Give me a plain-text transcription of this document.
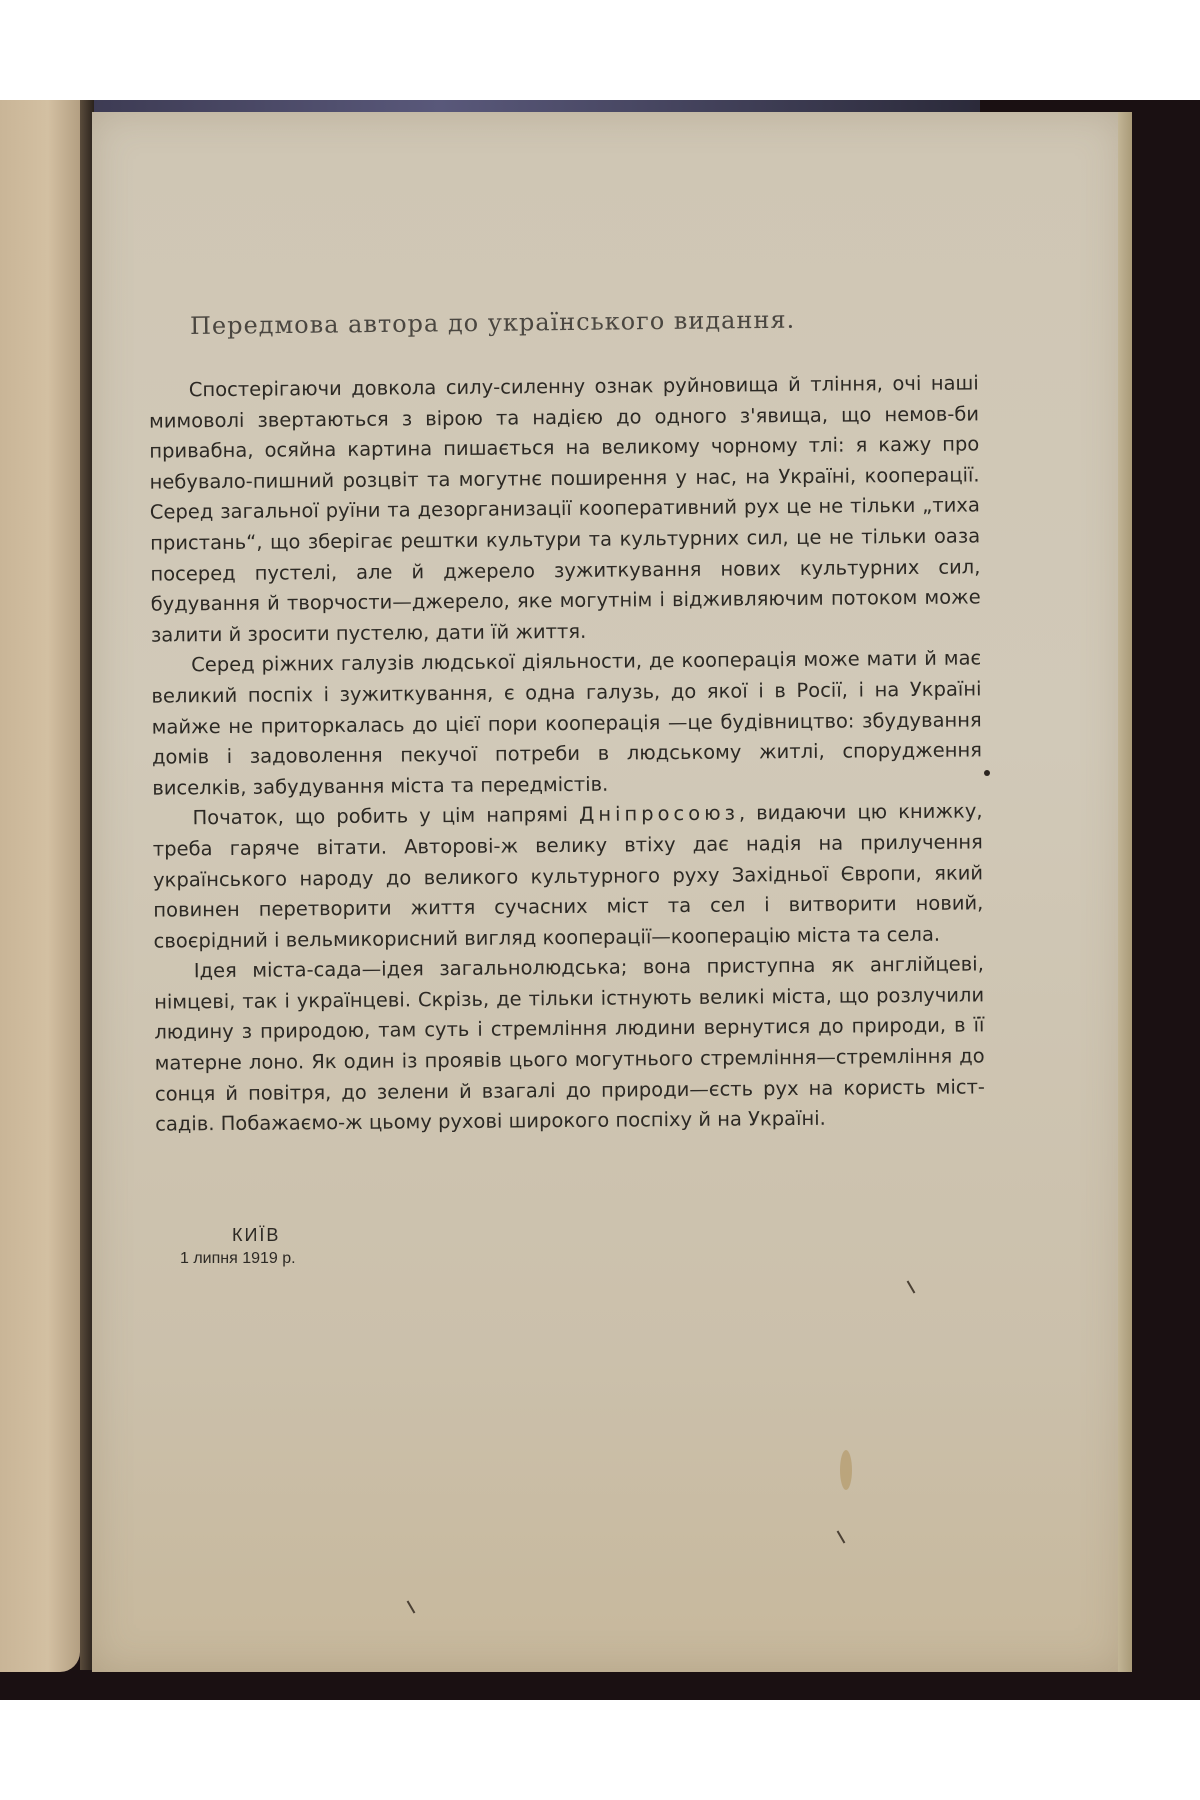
Передмова автора до українського видання.

Спостерігаючи довкола силу-силенну ознак руйновища й тління, очі наші мимоволі звертаються з вірою та надією до одного з'явища, що немов-би привабна, осяйна картина пишається на великому чорному тлі: я кажу про небувало-пишний розцвіт та могутнє поширення у нас, на Україні, кооперації. Серед загальної руїни та дезорганизації кооперативний рух це не тільки „тиха пристань“, що зберігає рештки культури та культурних сил, це не тільки оаза посеред пустелі, але й джерело зужиткування нових культурних сил, будування й творчости—джерело, яке могутнім і відживляючим потоком може залити й зросити пустелю, дати їй життя.

Серед ріжних галузів людської діяльности, де кооперація може мати й має великий поспіх і зужиткування, є одна галузь, до якої і в Росії, і на Україні майже не приторкалась до цієї пори кооперація —це будівництво: збудування домів і задоволення пекучої потреби в людському житлі, спорудження виселків, забудування міста та передмістів.

Початок, що робить у цім напрямі Дніпросоюз, видаючи цю книжку, треба гаряче вітати. Авторові-ж велику втіху дає надія на прилучення українського народу до великого культурного руху Західньої Європи, який повинен перетворити життя сучасних міст та сел і витворити новий, своєрідний і вельмикорисний вигляд кооперації—кооперацію міста та села.

Ідея міста-сада—ідея загальнолюдська; вона приступна як англійцеві, німцеві, так і українцеві. Скрізь, де тільки істнують великі міста, що розлучили людину з природою, там суть і стремління людини вернутися до природи, в її матерне лоно. Як один із проявів цього могутнього стремління—стремління до сонця й повітря, до зелени й взагалі до природи—єсть рух на користь міст-садів. Побажаємо-ж цьому рухові широкого поспіху й на Україні.

КИЇВ
1 липня 1919 р.
